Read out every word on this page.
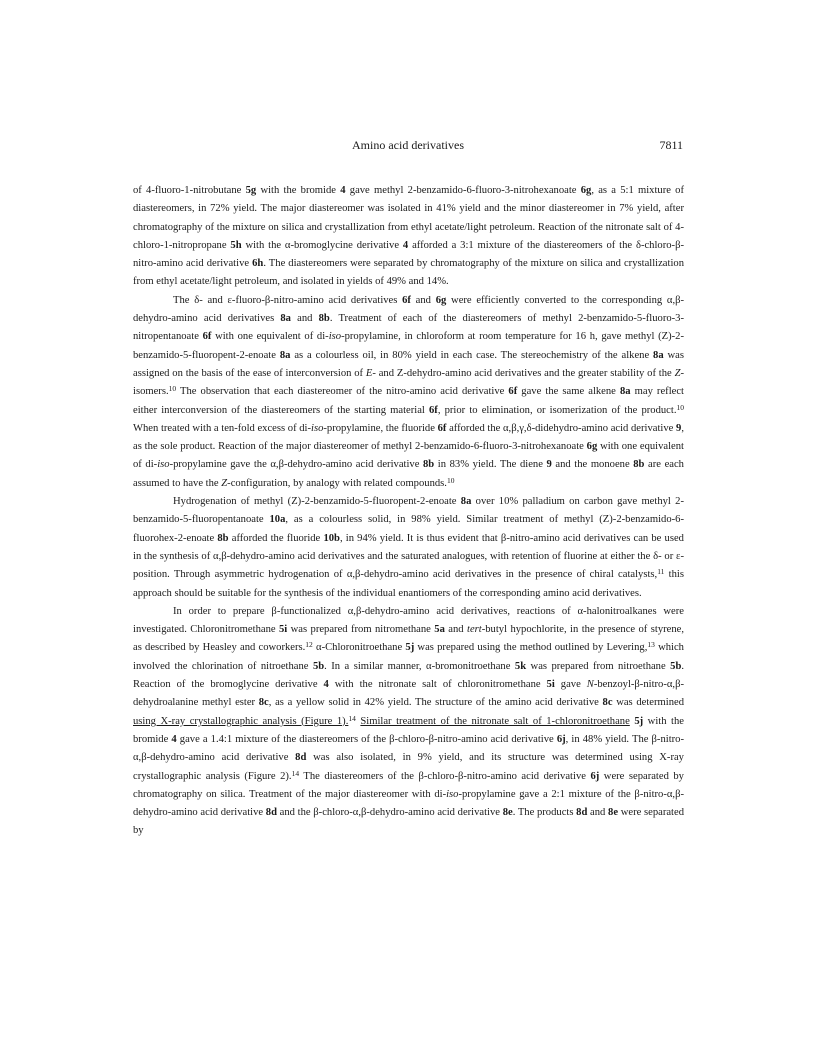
Amino acid derivatives	7811

of 4-fluoro-1-nitrobutane 5g with the bromide 4 gave methyl 2-benzamido-6-fluoro-3-nitrohexanoate 6g, as a 5:1 mixture of diastereomers, in 72% yield. The major diastereomer was isolated in 41% yield and the minor diastereomer in 7% yield, after chromatography of the mixture on silica and crystallization from ethyl acetate/light petroleum. Reaction of the nitronate salt of 4-chloro-1-nitropropane 5h with the α-bromoglycine derivative 4 afforded a 3:1 mixture of the diastereomers of the δ-chloro-β-nitro-amino acid derivative 6h. The diastereomers were separated by chromatography of the mixture on silica and crystallization from ethyl acetate/light petroleum, and isolated in yields of 49% and 14%.

The δ- and ε-fluoro-β-nitro-amino acid derivatives 6f and 6g were efficiently converted to the corresponding α,β-dehydro-amino acid derivatives 8a and 8b. Treatment of each of the diastereomers of methyl 2-benzamido-5-fluoro-3-nitropentanoate 6f with one equivalent of di-iso-propylamine, in chloroform at room temperature for 16 h, gave methyl (Z)-2-benzamido-5-fluoropent-2-enoate 8a as a colourless oil, in 80% yield in each case. The stereochemistry of the alkene 8a was assigned on the basis of the ease of interconversion of E- and Z-dehydro-amino acid derivatives and the greater stability of the Z-isomers.$^{10}$ The observation that each diastereomer of the nitro-amino acid derivative 6f gave the same alkene 8a may reflect either interconversion of the diastereomers of the starting material 6f, prior to elimination, or isomerization of the product.$^{10}$ When treated with a ten-fold excess of di-iso-propylamine, the fluoride 6f afforded the α,β,γ,δ-didehydro-amino acid derivative 9, as the sole product. Reaction of the major diastereomer of methyl 2-benzamido-6-fluoro-3-nitrohexanoate 6g with one equivalent of di-iso-propylamine gave the α,β-dehydro-amino acid derivative 8b in 83% yield. The diene 9 and the monoene 8b are each assumed to have the Z-configuration, by analogy with related compounds.$^{10}$

Hydrogenation of methyl (Z)-2-benzamido-5-fluoropent-2-enoate 8a over 10% palladium on carbon gave methyl 2-benzamido-5-fluoropentanoate 10a, as a colourless solid, in 98% yield. Similar treatment of methyl (Z)-2-benzamido-6-fluorohex-2-enoate 8b afforded the fluoride 10b, in 94% yield. It is thus evident that β-nitro-amino acid derivatives can be used in the synthesis of α,β-dehydro-amino acid derivatives and the saturated analogues, with retention of fluorine at either the δ- or ε-position. Through asymmetric hydrogenation of α,β-dehydro-amino acid derivatives in the presence of chiral catalysts,$^{11}$ this approach should be suitable for the synthesis of the individual enantiomers of the corresponding amino acid derivatives.

In order to prepare β-functionalized α,β-dehydro-amino acid derivatives, reactions of α-halonitroalkanes were investigated. Chloronitromethane 5i was prepared from nitromethane 5a and tert-butyl hypochlorite, in the presence of styrene, as described by Heasley and coworkers.$^{12}$ α-Chloronitroethane 5j was prepared using the method outlined by Levering,$^{13}$ which involved the chlorination of nitroethane 5b. In a similar manner, α-bromonitroethane 5k was prepared from nitroethane 5b. Reaction of the bromoglycine derivative 4 with the nitronate salt of chloronitromethane 5i gave N-benzoyl-β-nitro-α,β-dehydroalanine methyl ester 8c, as a yellow solid in 42% yield. The structure of the amino acid derivative 8c was determined using X-ray crystallographic analysis (Figure 1).$^{14}$ Similar treatment of the nitronate salt of 1-chloronitroethane 5j with the bromide 4 gave a 1.4:1 mixture of the diastereomers of the β-chloro-β-nitro-amino acid derivative 6j, in 48% yield. The β-nitro-α,β-dehydro-amino acid derivative 8d was also isolated, in 9% yield, and its structure was determined using X-ray crystallographic analysis (Figure 2).$^{14}$ The diastereomers of the β-chloro-β-nitro-amino acid derivative 6j were separated by chromatography on silica. Treatment of the major diastereomer with di-iso-propylamine gave a 2:1 mixture of the β-nitro-α,β-dehydro-amino acid derivative 8d and the β-chloro-α,β-dehydro-amino acid derivative 8e. The products 8d and 8e were separated by
